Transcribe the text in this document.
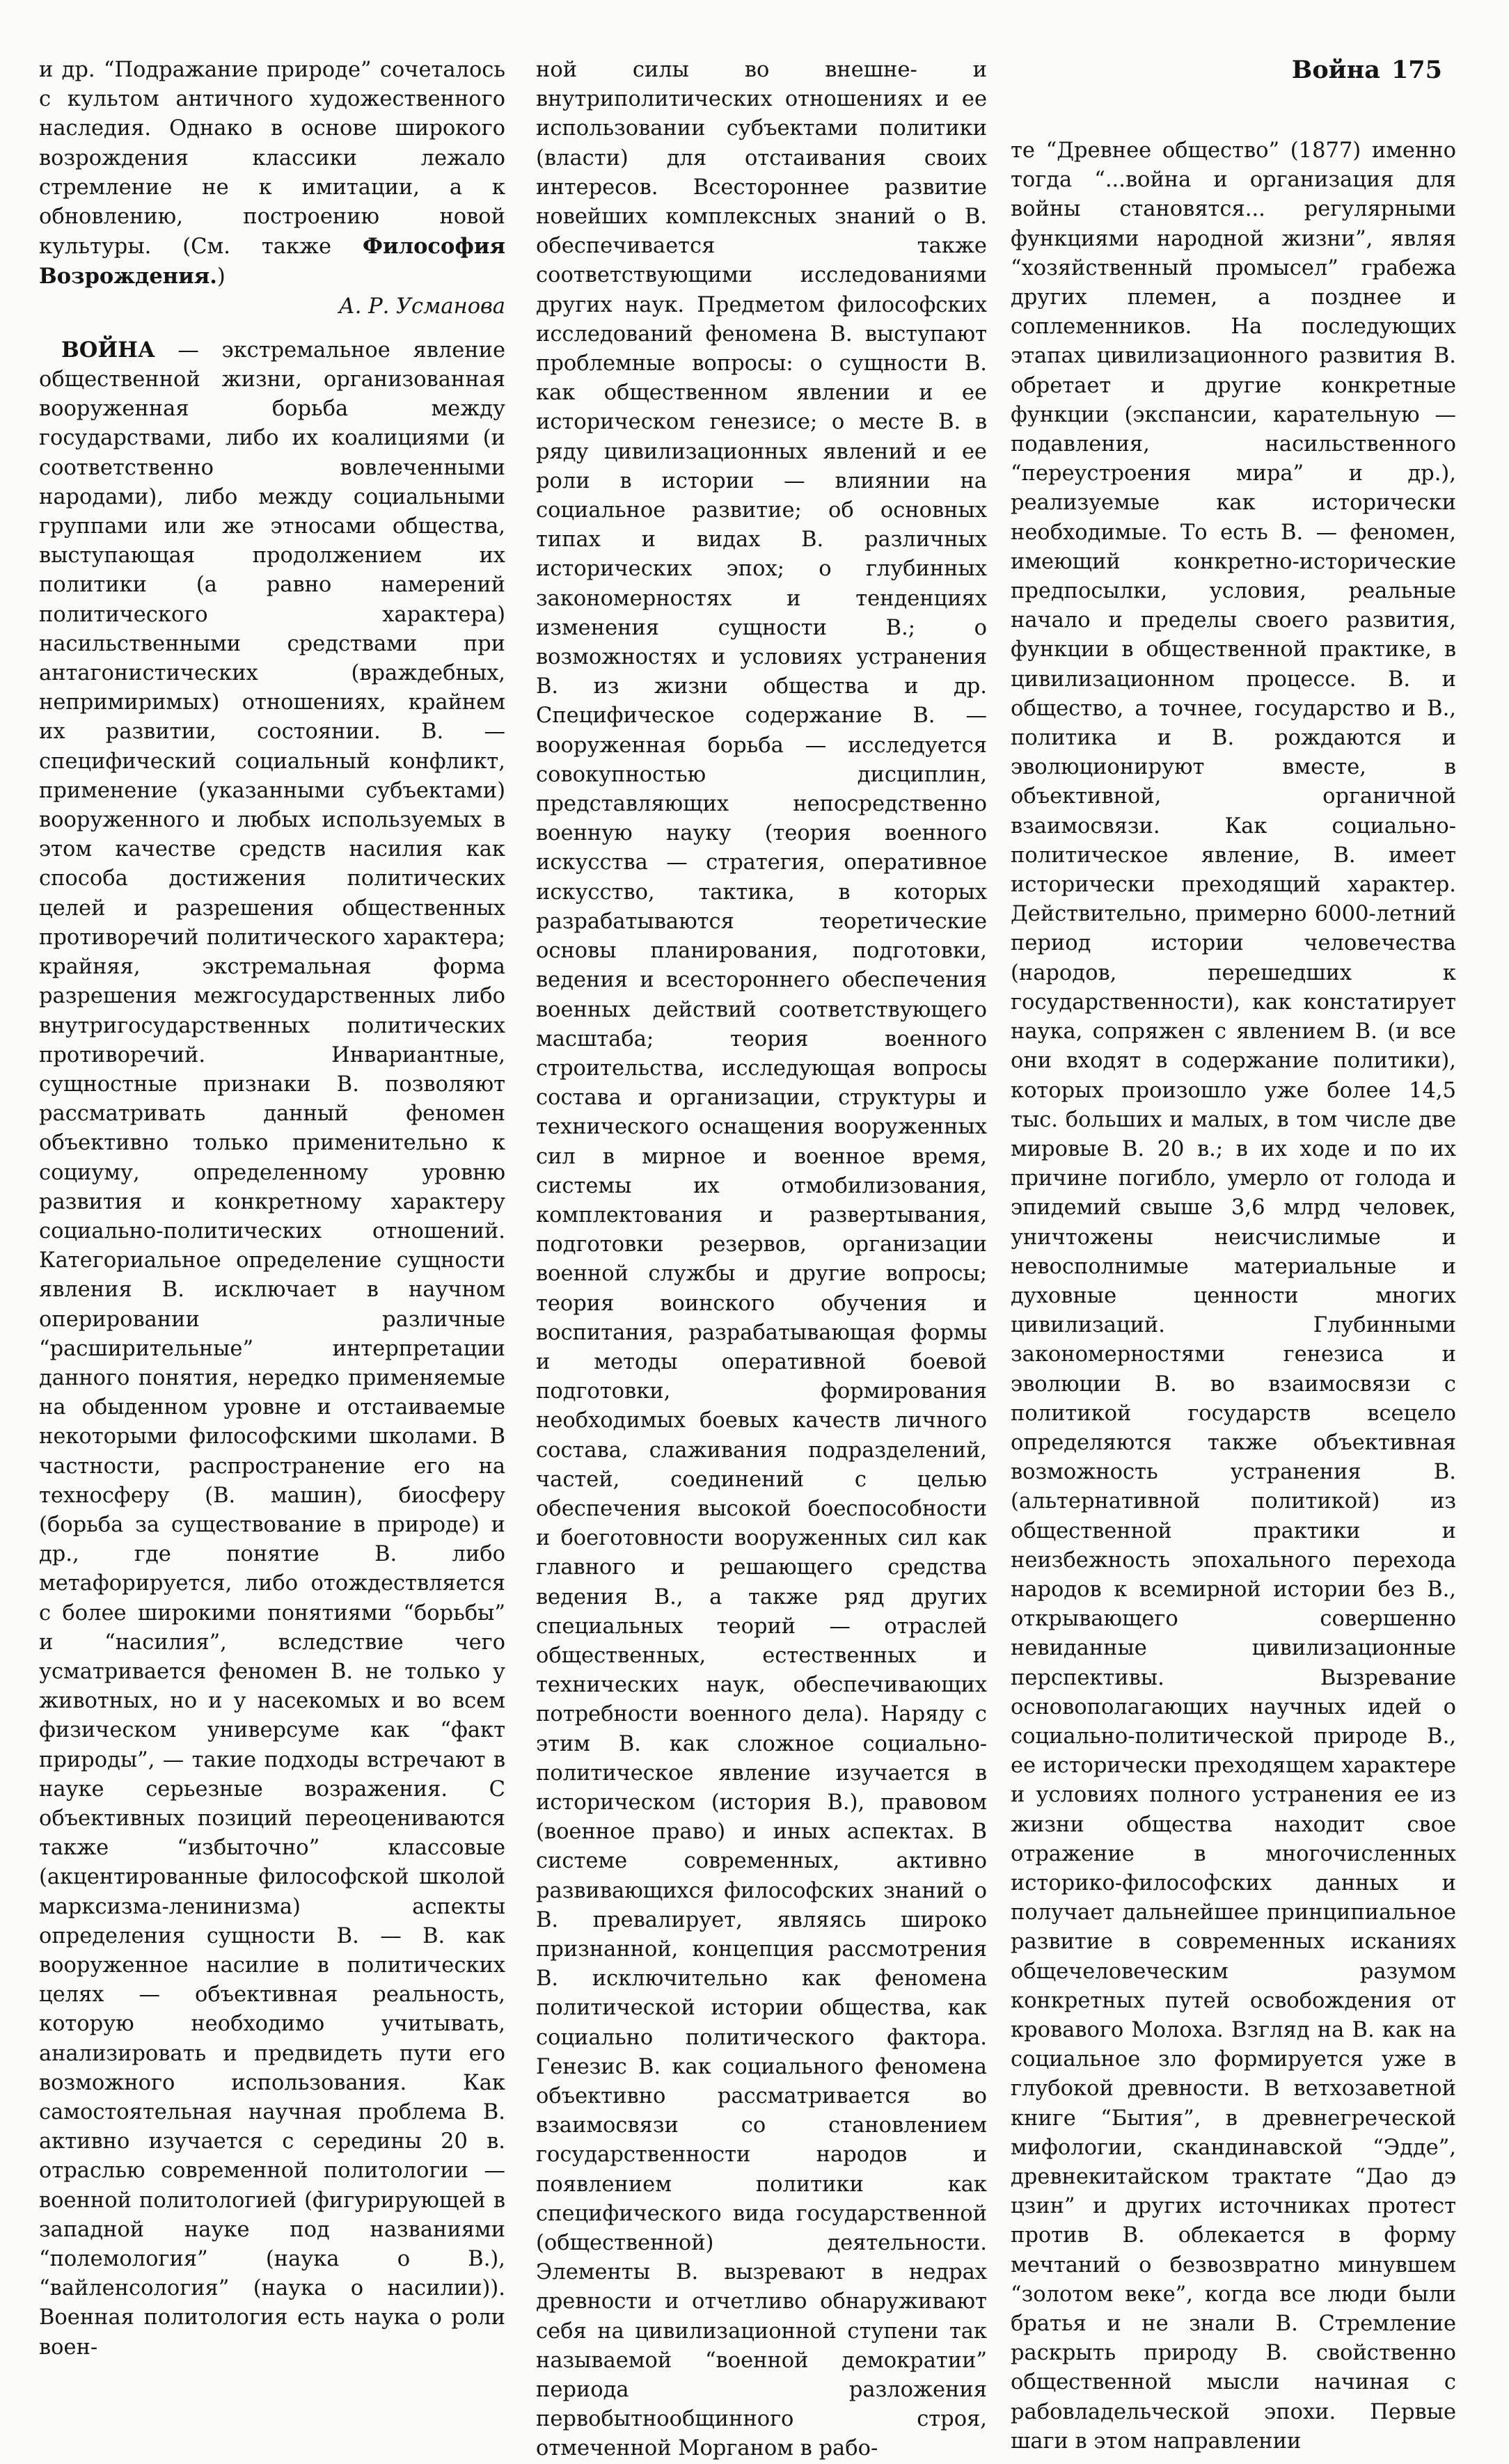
Война 175

и др. “Подражание природе” сочеталось с культом античного художественного наследия. Однако в основе широкого возрождения классики лежало стремление не к имитации, а к обновлению, построению новой культуры. (См. также Философия Возрождения.)

А. Р. Усманова

ВОЙНА — экстремальное явление общественной жизни, организованная вооруженная борьба между государствами, либо их коалициями (и соответственно вовлеченными народами), либо между социальными группами или же этносами общества, выступающая продолжением их политики (а равно намерений политического характера) насильственными средствами при антагонистических (враждебных, непримиримых) отношениях, крайнем их развитии, состоянии. В. — специфический социальный конфликт, применение (указанными субъектами) вооруженного и любых используемых в этом качестве средств насилия как способа достижения политических целей и разрешения общественных противоречий политического характера; крайняя, экстремальная форма разрешения межгосударственных либо внутригосударственных политических противоречий. Инвариантные, сущностные признаки В. позволяют рассматривать данный феномен объективно только применительно к социуму, определенному уровню развития и конкретному характеру социально-политических отношений. Категориальное определение сущности явления В. исключает в научном оперировании различные “расширительные” интерпретации данного понятия, нередко применяемые на обыденном уровне и отстаиваемые некоторыми философскими школами. В частности, распространение его на техносферу (В. машин), биосферу (борьба за существование в природе) и др., где понятие В. либо метафорируется, либо отождествляется с более широкими понятиями “борьбы” и “насилия”, вследствие чего усматривается феномен В. не только у животных, но и у насекомых и во всем физическом универсуме как “факт природы”, — такие подходы встречают в науке серьезные возражения. С объективных позиций переоцениваются также “избыточно” классовые (акцентированные философской школой марксизма-ленинизма) аспекты определения сущности В. — В. как вооруженное насилие в политических целях — объективная реальность, которую необходимо учитывать, анализировать и предвидеть пути его возможного использования. Как самостоятельная научная проблема В. активно изучается с середины 20 в. отраслью современной политологии — военной политологией (фигурирующей в западной науке под названиями “полемология” (наука о В.), “вайленсология” (наука о насилии)). Военная политология есть наука о роли воен-

ной силы во внешне- и внутриполитических отношениях и ее использовании субъектами политики (власти) для отстаивания своих интересов. Всестороннее развитие новейших комплексных знаний о В. обеспечивается также соответствующими исследованиями других наук. Предметом философских исследований феномена В. выступают проблемные вопросы: о сущности В. как общественном явлении и ее историческом генезисе; о месте В. в ряду цивилизационных явлений и ее роли в истории — влиянии на социальное развитие; об основных типах и видах В. различных исторических эпох; о глубинных закономерностях и тенденциях изменения сущности В.; о возможностях и условиях устранения В. из жизни общества и др. Специфическое содержание В. — вооруженная борьба — исследуется совокупностью дисциплин, представляющих непосредственно военную науку (теория военного искусства — стратегия, оперативное искусство, тактика, в которых разрабатываются теоретические основы планирования, подготовки, ведения и всестороннего обеспечения военных действий соответствующего масштаба; теория военного строительства, исследующая вопросы состава и организации, структуры и технического оснащения вооруженных сил в мирное и военное время, системы их отмобилизования, комплектования и развертывания, подготовки резервов, организации военной службы и другие вопросы; теория воинского обучения и воспитания, разрабатывающая формы и методы оперативной боевой подготовки, формирования необходимых боевых качеств личного состава, слаживания подразделений, частей, соединений с целью обеспечения высокой боеспособности и боеготовности вооруженных сил как главного и решающего средства ведения В., а также ряд других специальных теорий — отраслей общественных, естественных и технических наук, обеспечивающих потребности военного дела). Наряду с этим В. как сложное социально-политическое явление изучается в историческом (история В.), правовом (военное право) и иных аспектах. В системе современных, активно развивающихся философских знаний о В. превалирует, являясь широко признанной, концепция рассмотрения В. исключительно как феномена политической истории общества, как социально политического фактора. Генезис В. как социального феномена объективно рассматривается во взаимосвязи со становлением государственности народов и появлением политики как специфического вида государственной (общественной) деятельности. Элементы В. вызревают в недрах древности и отчетливо обнаруживают себя на цивилизационной ступени так называемой “военной демократии” периода разложения первобытнообщинного строя, отмеченной Морганом в рабо-

те “Древнее общество” (1877) именно тогда “...война и организация для войны становятся... регулярными функциями народной жизни”, являя “хозяйственный промысел” грабежа других племен, а позднее и соплеменников. На последующих этапах цивилизационного развития В. обретает и другие конкретные функции (экспансии, карательную — подавления, насильственного “переустроения мира” и др.), реализуемые как исторически необходимые. То есть В. — феномен, имеющий конкретно-исторические предпосылки, условия, реальные начало и пределы своего развития, функции в общественной практике, в цивилизационном процессе. В. и общество, а точнее, государство и В., политика и В. рождаются и эволюционируют вместе, в объективной, органичной взаимосвязи. Как социально-политическое явление, В. имеет исторически преходящий характер. Действительно, примерно 6000-летний период истории человечества (народов, перешедших к государственности), как констатирует наука, сопряжен с явлением В. (и все они входят в содержание политики), которых произошло уже более 14,5 тыс. больших и малых, в том числе две мировые В. 20 в.; в их ходе и по их причине погибло, умерло от голода и эпидемий свыше 3,6 млрд человек, уничтожены неисчислимые и невосполнимые материальные и духовные ценности многих цивилизаций. Глубинными закономерностями генезиса и эволюции В. во взаимосвязи с политикой государств всецело определяются также объективная возможность устранения В. (альтернативной политикой) из общественной практики и неизбежность эпохального перехода народов к всемирной истории без В., открывающего совершенно невиданные цивилизационные перспективы. Вызревание основополагающих научных идей о социально-политической природе В., ее исторически преходящем характере и условиях полного устранения ее из жизни общества находит свое отражение в многочисленных историко-философских данных и получает дальнейшее принципиальное развитие в современных исканиях общечеловеческим разумом конкретных путей освобождения от кровавого Молоха. Взгляд на В. как на социальное зло формируется уже в глубокой древности. В ветхозаветной книге “Бытия”, в древнегреческой мифологии, скандинавской “Эдде”, древнекитайском трактате “Дао дэ цзин” и других источниках протест против В. облекается в форму мечтаний о безвозвратно минувшем “золотом веке”, когда все люди были братья и не знали В. Стремление раскрыть природу В. свойственно общественной мысли начиная с рабовладельческой эпохи. Первые шаги в этом направлении
